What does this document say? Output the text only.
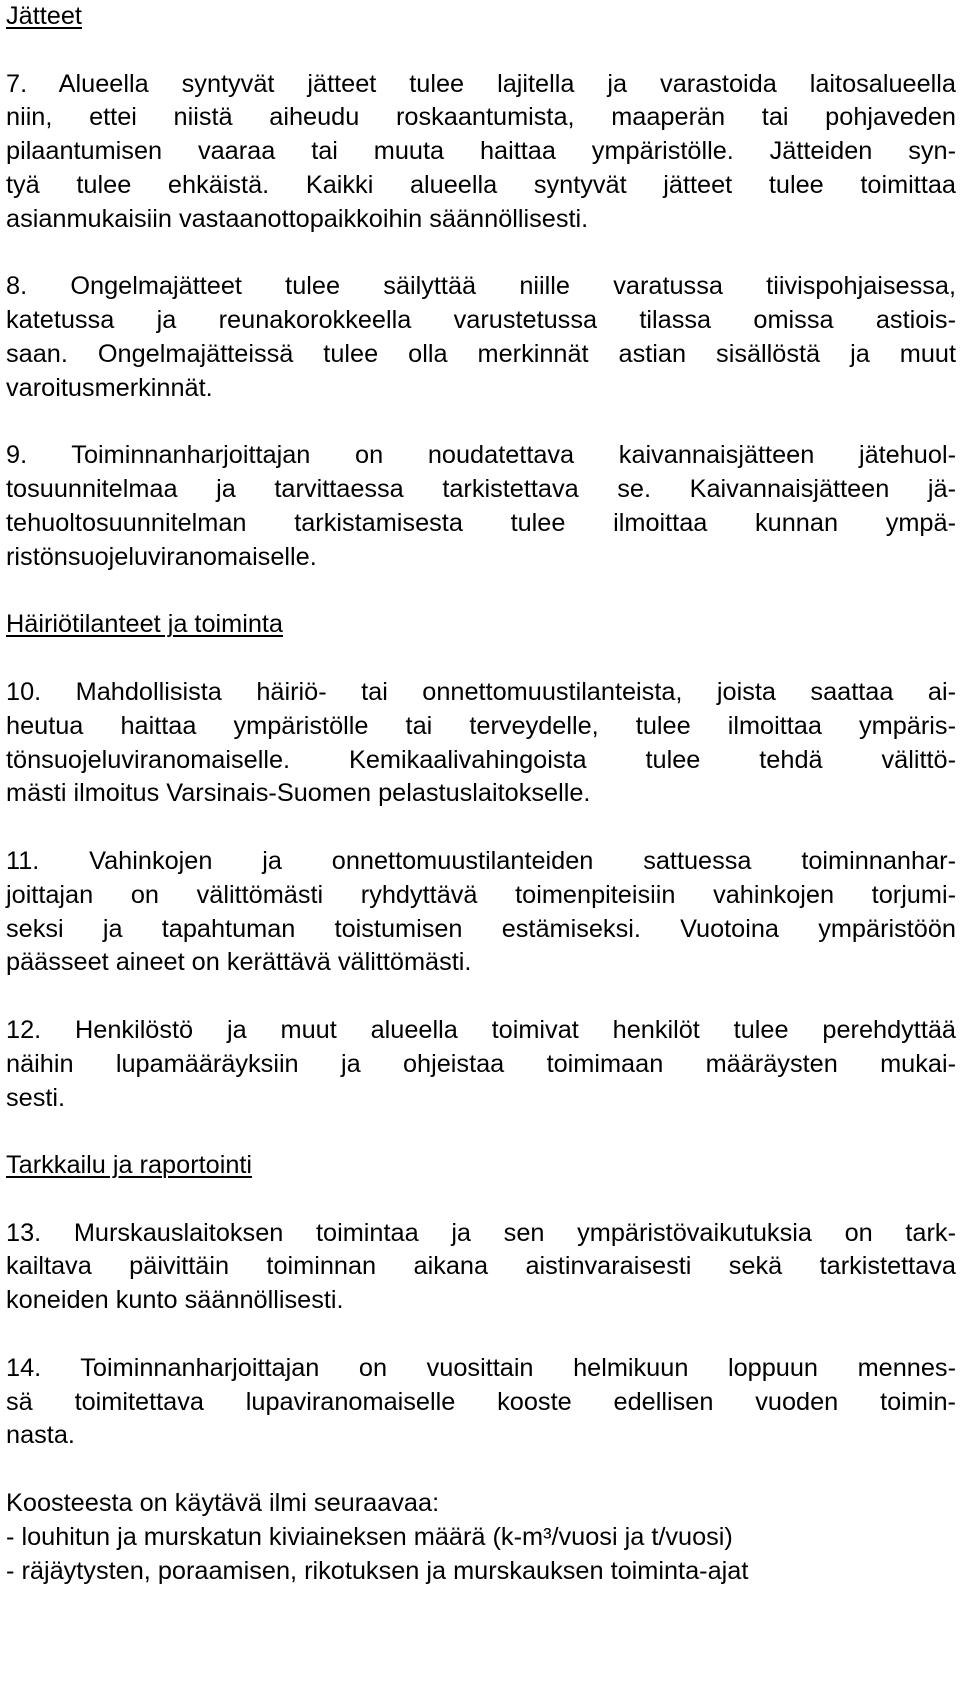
Jätteet
7. Alueella syntyvät jätteet tulee lajitella ja varastoida laitosalueella
niin, ettei niistä aiheudu roskaantumista, maaperän tai pohjaveden
pilaantumisen vaaraa tai muuta haittaa ympäristölle. Jätteiden syn-
tyä tulee ehkäistä. Kaikki alueella syntyvät jätteet tulee toimittaa
asianmukaisiin vastaanottopaikkoihin säännöllisesti.
8. Ongelmajätteet tulee säilyttää niille varatussa tiivispohjaisessa,
katetussa ja reunakorokkeella varustetussa tilassa omissa astiois-
saan. Ongelmajätteissä tulee olla merkinnät astian sisällöstä ja muut
varoitusmerkinnät.
9. Toiminnanharjoittajan on noudatettava kaivannaisjätteen jätehuol-
tosuunnitelmaa ja tarvittaessa tarkistettava se. Kaivannaisjätteen jä-
tehuoltosuunnitelman tarkistamisesta tulee ilmoittaa kunnan ympä-
ristönsuojeluviranomaiselle.
Häiriötilanteet ja toiminta
10. Mahdollisista häiriö- tai onnettomuustilanteista, joista saattaa ai-
heutua haittaa ympäristölle tai terveydelle, tulee ilmoittaa ympäris-
tönsuojeluviranomaiselle. Kemikaalivahingoista tulee tehdä välittö-
mästi ilmoitus Varsinais-Suomen pelastuslaitokselle.
11. Vahinkojen ja onnettomuustilanteiden sattuessa toiminnanhar-
joittajan on välittömästi ryhdyttävä toimenpiteisiin vahinkojen torjumi-
seksi ja tapahtuman toistumisen estämiseksi. Vuotoina ympäristöön
päässeet aineet on kerättävä välittömästi.
12. Henkilöstö ja muut alueella toimivat henkilöt tulee perehdyttää
näihin lupamääräyksiin ja ohjeistaa toimimaan määräysten mukai-
sesti.
Tarkkailu ja raportointi
13. Murskauslaitoksen toimintaa ja sen ympäristövaikutuksia on tark-
kailtava päivittäin toiminnan aikana aistinvaraisesti sekä tarkistettava
koneiden kunto säännöllisesti.
14. Toiminnanharjoittajan on vuosittain helmikuun loppuun mennes-
sä toimitettava lupaviranomaiselle kooste edellisen vuoden toimin-
nasta.
Koosteesta on käytävä ilmi seuraavaa:
- louhitun ja murskatun kiviaineksen määrä (k-m³/vuosi ja t/vuosi)
- räjäytysten, poraamisen, rikotuksen ja murskauksen toiminta-ajat
